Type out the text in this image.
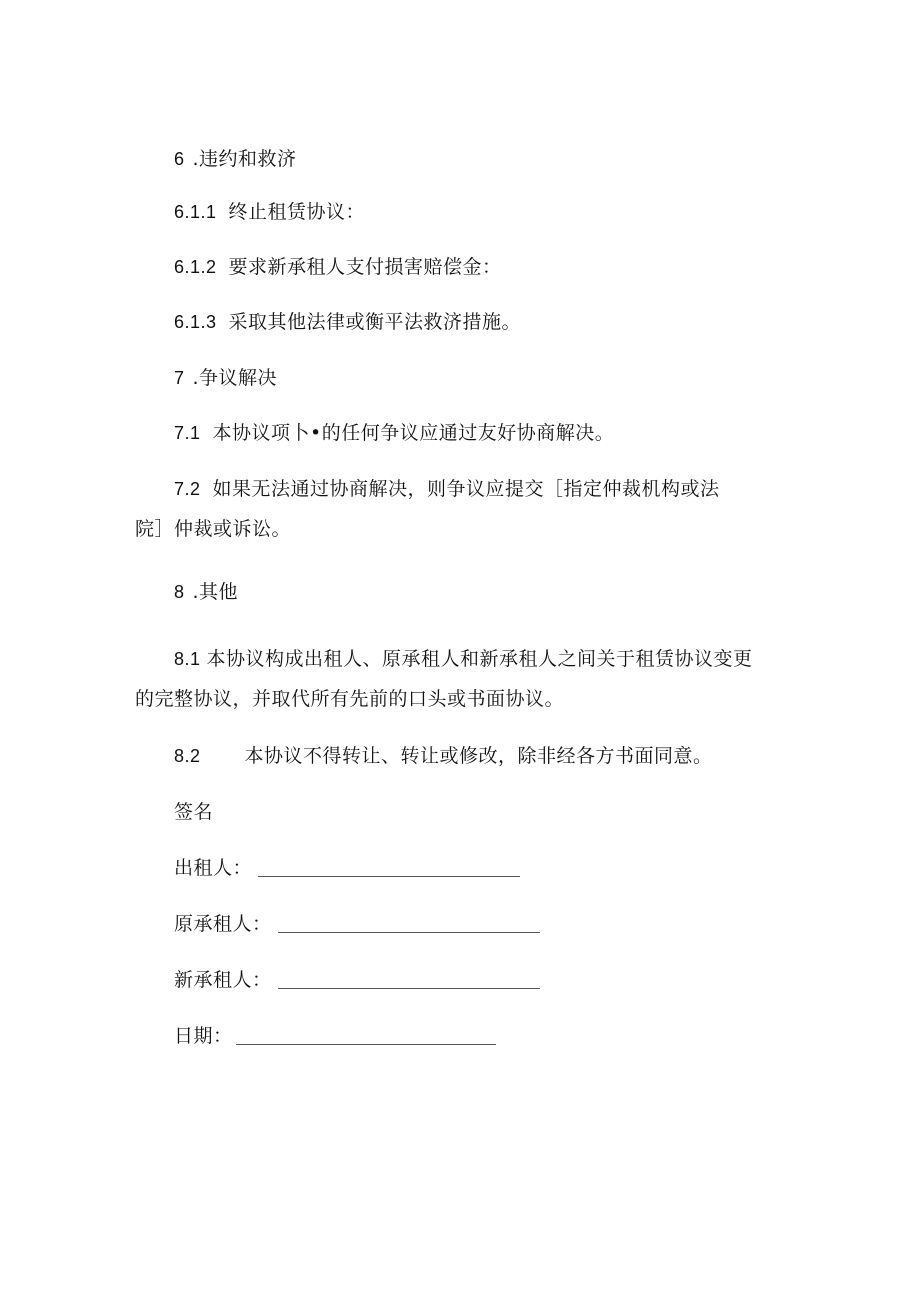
6 .违约和救济
6.1.1 终止租赁协议：
6.1.2 要求新承租人支付损害赔偿金：
6.1.3 采取其他法律或衡平法救济措施。
7 .争议解决
7.1 本协议项卜•的任何争议应通过友好协商解决。
7.2 如果无法通过协商解决，则争议应提交［指定仲裁机构或法
院］仲裁或诉讼。
8 .其他
8.1 本协议构成出租人、原承租人和新承租人之间关于租赁协议变更
的完整协议，并取代所有先前的口头或书面协议。
8.2 本协议不得转让、转让或修改，除非经各方书面同意。
签名
出租人：
原承租人：
新承租人：
日期：
